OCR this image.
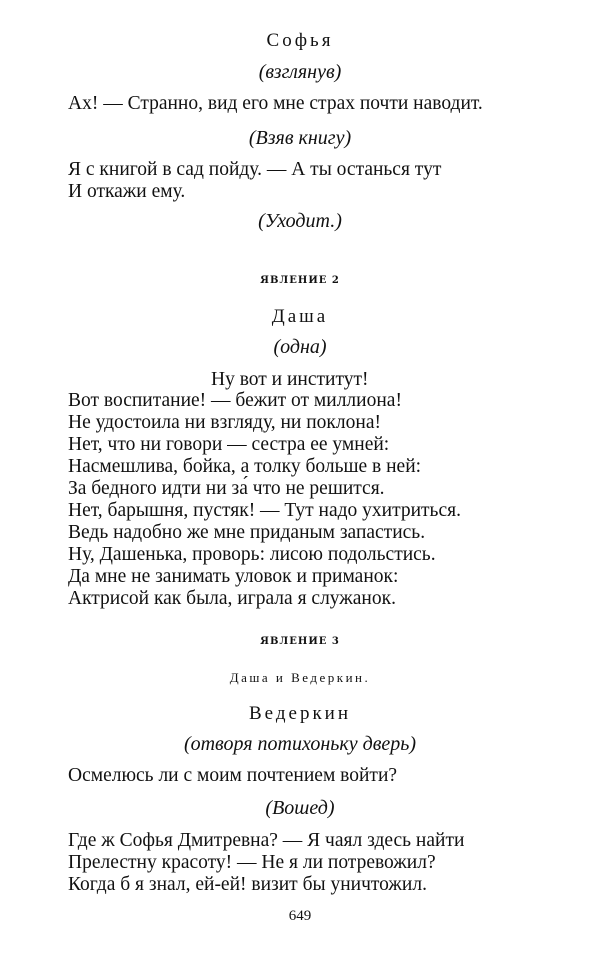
Софья
(взглянув)
Ах! — Странно, вид его мне страх почти наводит.
(Взяв книгу)
Я с книгой в сад пойду. — А ты останься тут
И откажи ему.
(Уходит.)
ЯВЛЕНИЕ 2
Даша
(одна)
Ну вот и институт!
Вот воспитание! — бежит от миллиона!
Не удостоила ни взгляду, ни поклона!
Нет, что ни говори — сестра ее умней:
Насмешлива, бойка, а толку больше в ней:
За бедного идти ни за́ что не решится.
Нет, барышня, пустяк! — Тут надо ухитриться.
Ведь надобно же мне приданым запастись.
Ну, Дашенька, проворь: лисою подольстись.
Да мне не занимать уловок и приманок:
Актрисой как была, играла я служанок.
ЯВЛЕНИЕ 3
Даша и Ведеркин.
Ведеркин
(отворя потихоньку дверь)
Осмелюсь ли с моим почтением войти?
(Вошед)
Где ж Софья Дмитревна? — Я чаял здесь найти
Прелестну красоту! — Не я ли потревожил?
Когда б я знал, ей-ей! визит бы уничтожил.
649
